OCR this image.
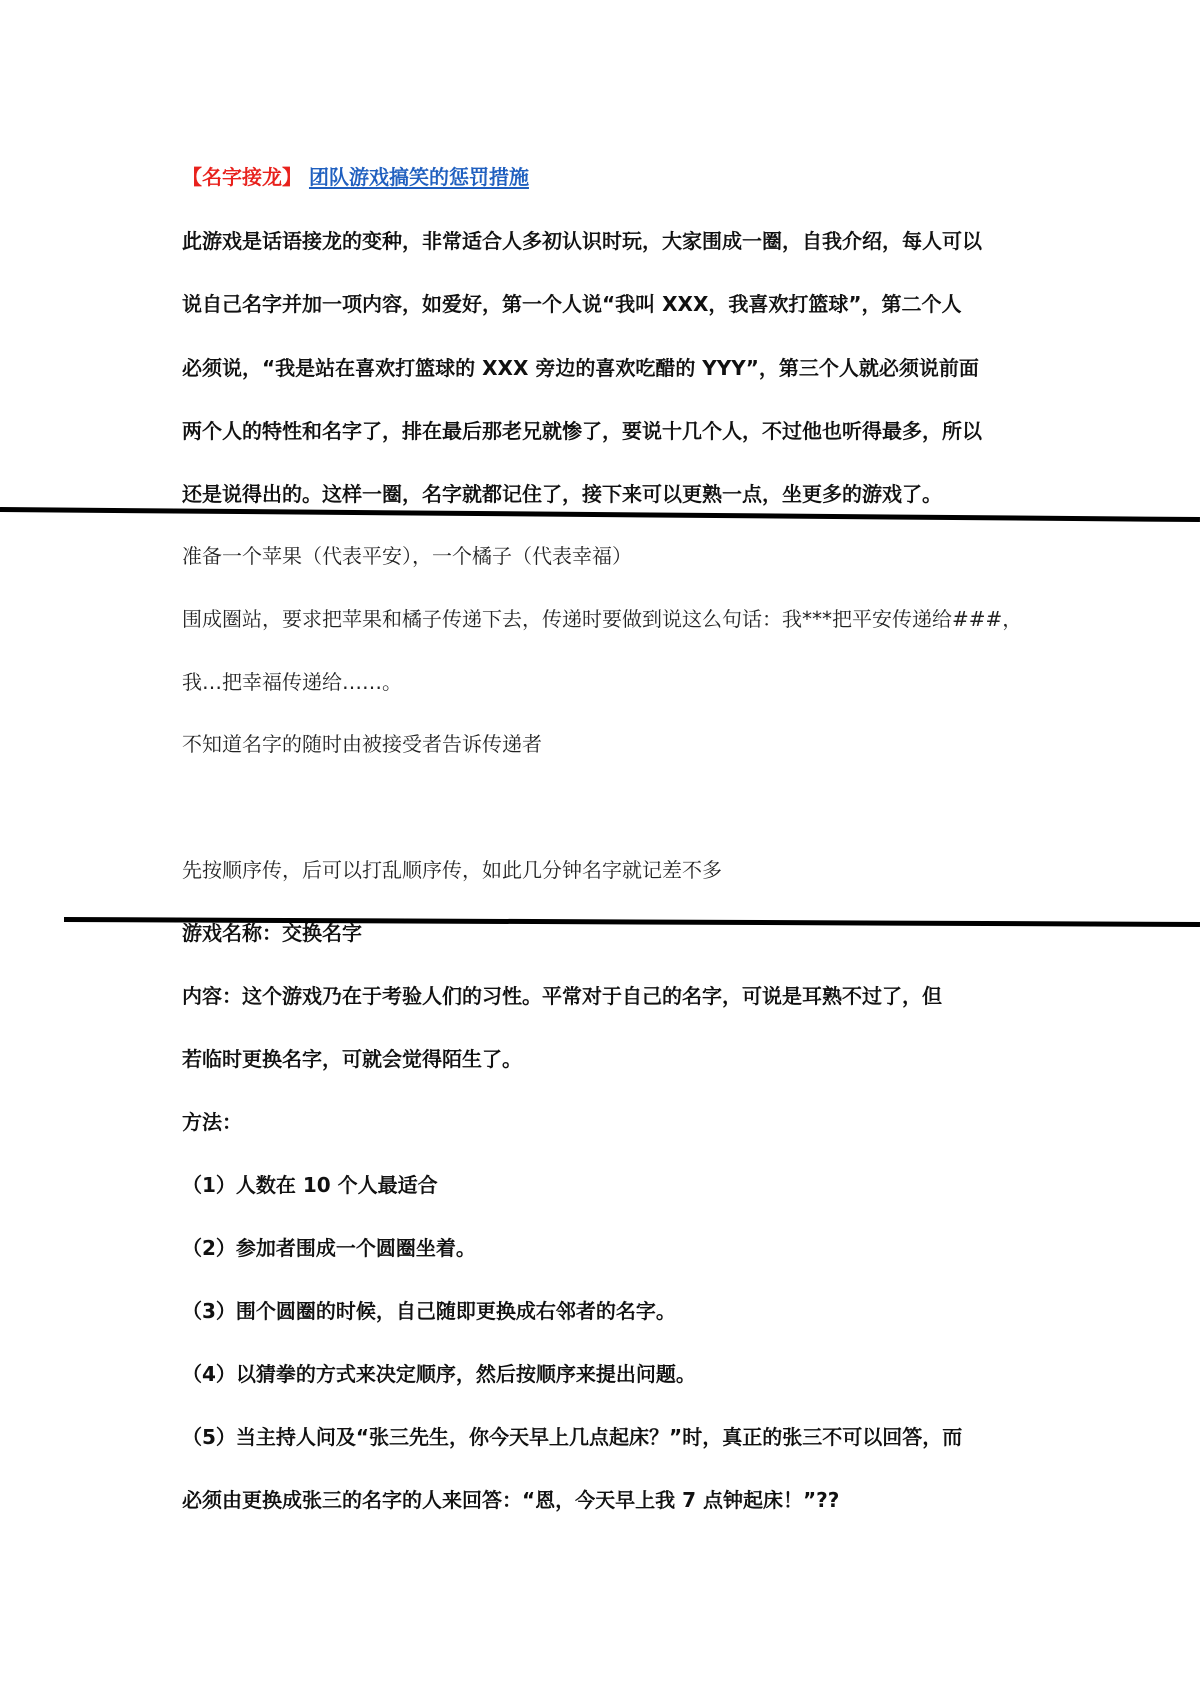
【名字接龙】 团队游戏搞笑的惩罚措施
此游戏是话语接龙的变种，非常适合人多初认识时玩，大家围成一圈，自我介绍，每人可以
说自己名字并加一项内容，如爱好，第一个人说“我叫 XXX，我喜欢打篮球”，第二个人
必须说，“我是站在喜欢打篮球的 XXX 旁边的喜欢吃醋的 YYY”，第三个人就必须说前面
两个人的特性和名字了，排在最后那老兄就惨了，要说十几个人，不过他也听得最多，所以
还是说得出的。这样一圈，名字就都记住了，接下来可以更熟一点，坐更多的游戏了。
准备一个苹果（代表平安），一个橘子（代表幸福）
围成圈站，要求把苹果和橘子传递下去，传递时要做到说这么句话：我***把平安传递给###，
我…把幸福传递给……。
不知道名字的随时由被接受者告诉传递者
先按顺序传，后可以打乱顺序传，如此几分钟名字就记差不多
游戏名称：交换名字
内容：这个游戏乃在于考验人们的习性。平常对于自己的名字，可说是耳熟不过了，但
若临时更换名字，可就会觉得陌生了。
方法：
（1）人数在 10 个人最适合
（2）参加者围成一个圆圈坐着。
（3）围个圆圈的时候，自己随即更换成右邻者的名字。
（4）以猜拳的方式来决定顺序，然后按顺序来提出问题。
（5）当主持人问及“张三先生，你今天早上几点起床？”时，真正的张三不可以回答，而
必须由更换成张三的名字的人来回答：“恩，今天早上我 7 点钟起床！”??
